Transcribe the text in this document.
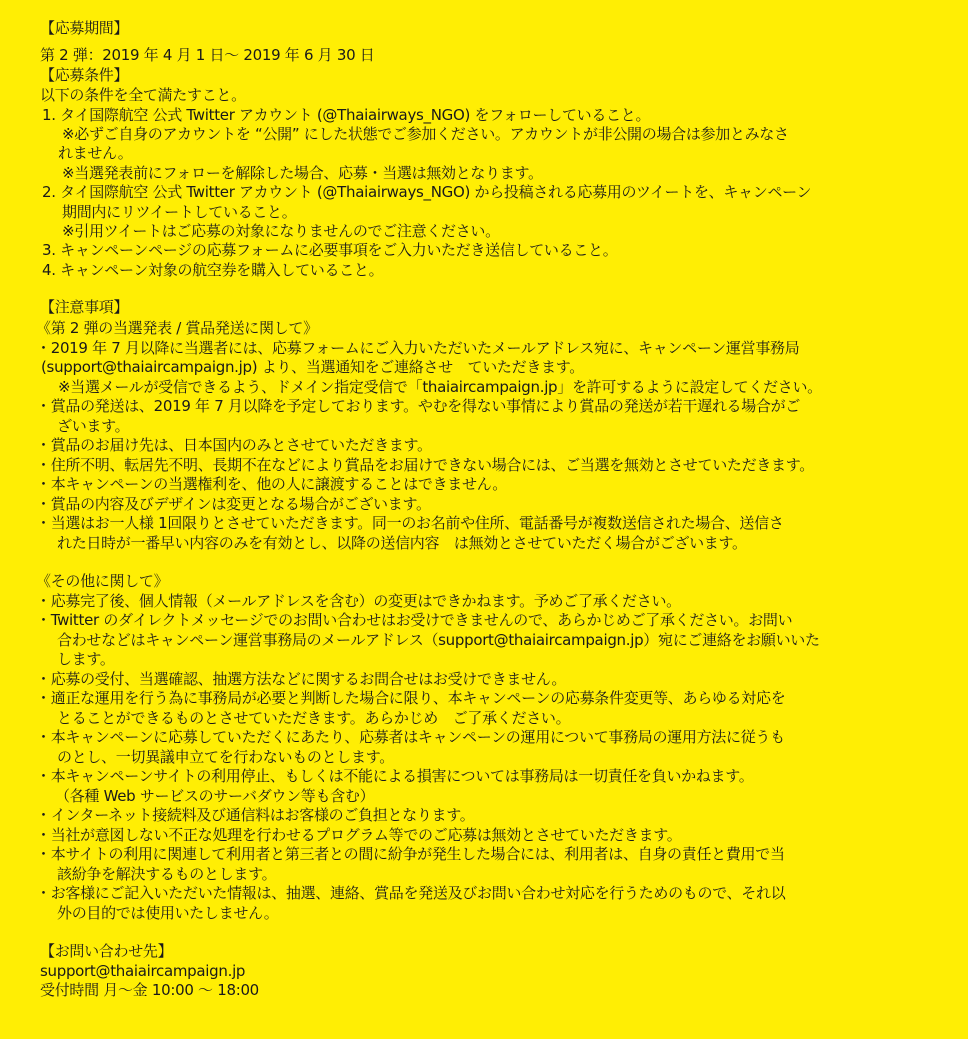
【応募期間】
第 2 弾：2019 年 4 月 1 日〜 2019 年 6 月 30 日
【応募条件】
以下の条件を全て満たすこと。
1. タイ国際航空 公式 Twitter アカウント (@Thaiairways_NGO) をフォローしていること。
※必ずご自身のアカウントを “公開” にした状態でご参加ください。アカウントが非公開の場合は参加とみなさ
れません。
※当選発表前にフォローを解除した場合、応募・当選は無効となります。
2. タイ国際航空 公式 Twitter アカウント (@Thaiairways_NGO) から投稿される応募用のツイートを、キャンペーン
期間内にリツイートしていること。
※引用ツイートはご応募の対象になりませんのでご注意ください。
3. キャンペーンページの応募フォームに必要事項をご入力いただき送信していること。
4. キャンペーン対象の航空券を購入していること。
【注意事項】
《第 2 弾の当選発表 / 賞品発送に関して》
・2019 年 7 月以降に当選者には、応募フォームにご入力いただいたメールアドレス宛に、キャンペーン運営事務局
(support@thaiaircampaign.jp) より、当選通知をご連絡させ　ていただきます。
※当選メールが受信できるよう、ドメイン指定受信で「thaiaircampaign.jp」を許可するように設定してください。
・賞品の発送は、2019 年 7 月以降を予定しております。やむを得ない事情により賞品の発送が若干遅れる場合がご
ざいます。
・賞品のお届け先は、日本国内のみとさせていただきます。
・住所不明、転居先不明、長期不在などにより賞品をお届けできない場合には、ご当選を無効とさせていただきます。
・本キャンペーンの当選権利を、他の人に譲渡することはできません。
・賞品の内容及びデザインは変更となる場合がございます。
・当選はお一人様 1回限りとさせていただきます。同一のお名前や住所、電話番号が複数送信された場合、送信さ
れた日時が一番早い内容のみを有効とし、以降の送信内容　は無効とさせていただく場合がございます。
《その他に関して》
・応募完了後、個人情報（メールアドレスを含む）の変更はできかねます。予めご了承ください。
・Twitter のダイレクトメッセージでのお問い合わせはお受けできませんので、あらかじめご了承ください。お問い
合わせなどはキャンペーン運営事務局のメールアドレス（support@thaiaircampaign.jp）宛にご連絡をお願いいた
します。
・応募の受付、当選確認、抽選方法などに関するお問合せはお受けできません。
・適正な運用を行う為に事務局が必要と判断した場合に限り、本キャンペーンの応募条件変更等、あらゆる対応を
とることができるものとさせていただきます。あらかじめ　ご了承ください。
・本キャンペーンに応募していただくにあたり、応募者はキャンペーンの運用について事務局の運用方法に従うも
のとし、一切異議申立てを行わないものとします。
・本キャンペーンサイトの利用停止、もしくは不能による損害については事務局は一切責任を負いかねます。
（各種 Web サービスのサーバダウン等も含む）
・インターネット接続料及び通信料はお客様のご負担となります。
・当社が意図しない不正な処理を行わせるプログラム等でのご応募は無効とさせていただきます。
・本サイトの利用に関連して利用者と第三者との間に紛争が発生した場合には、利用者は、自身の責任と費用で当
該紛争を解決するものとします。
・お客様にご記入いただいた情報は、抽選、連絡、賞品を発送及びお問い合わせ対応を行うためのもので、それ以
外の目的では使用いたしません。
【お問い合わせ先】
support@thaiaircampaign.jp
受付時間 月〜金 10:00 〜 18:00
